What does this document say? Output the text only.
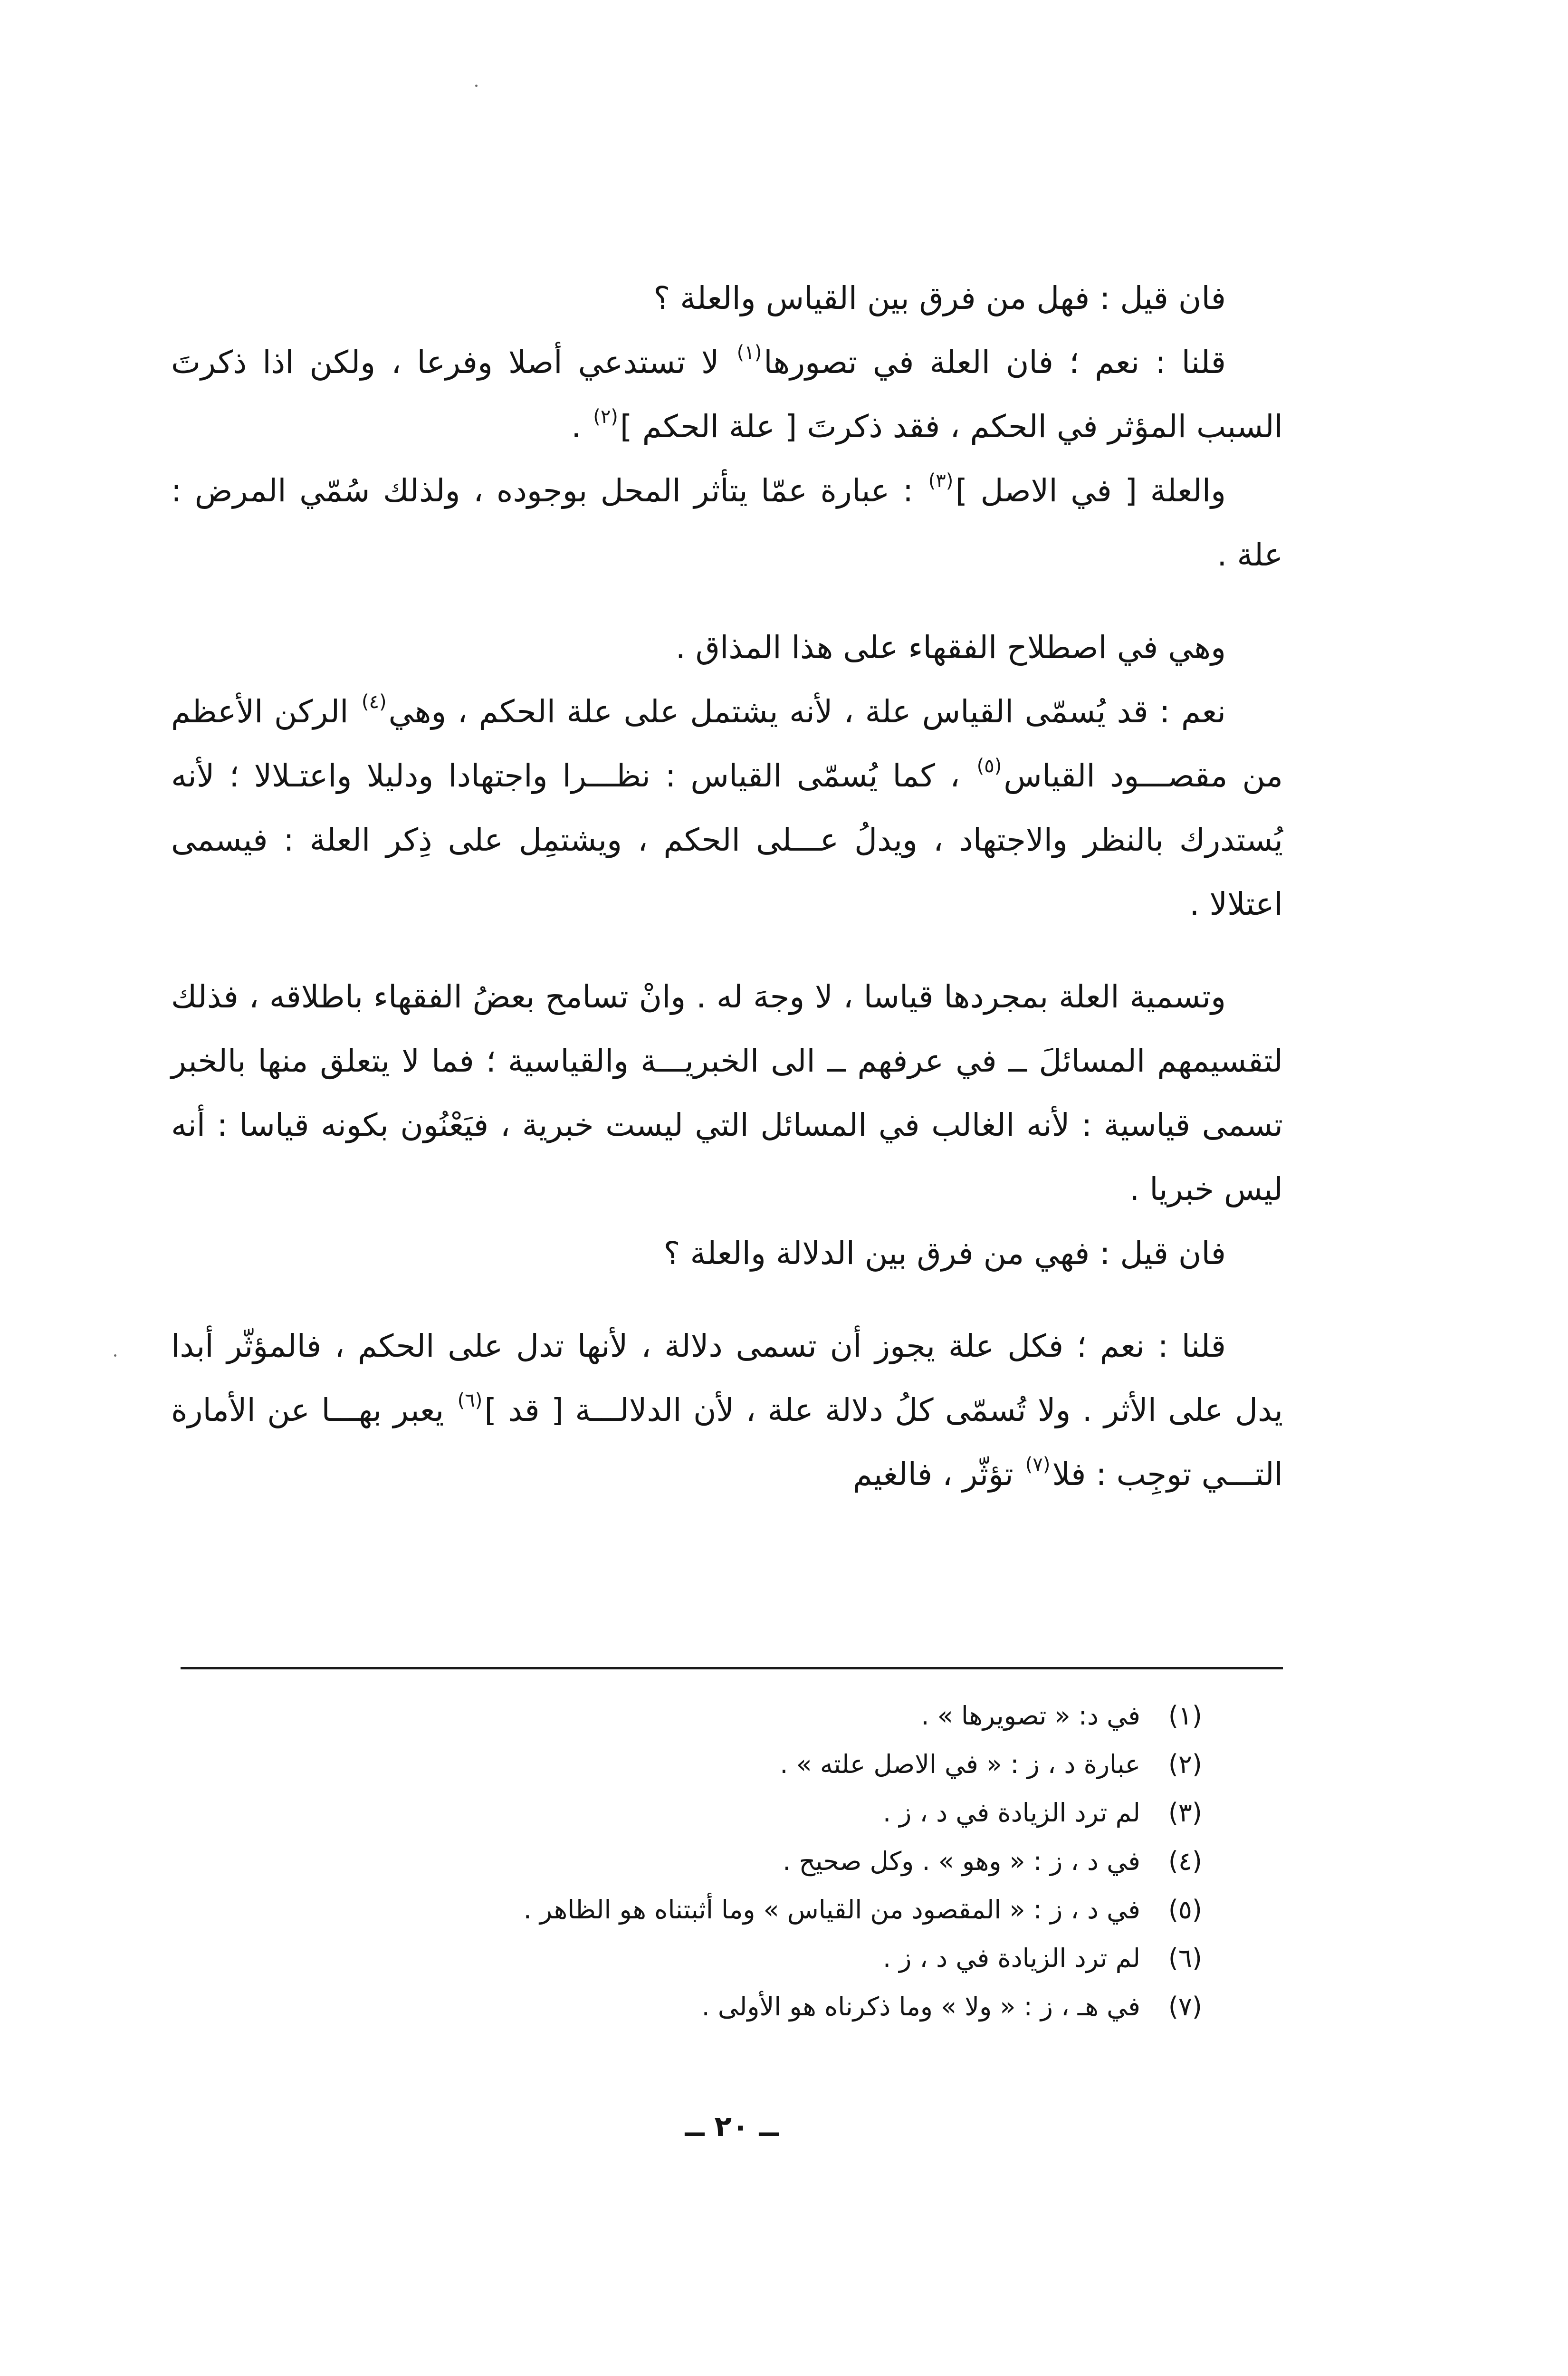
فان قيل : فهل من فرق بين القياس والعلة ؟

قلنا : نعم ؛ فان العلة في تصورها$^{(١)}$ لا تستدعي أصلا وفرعا ، ولكن اذا ذكرتَ السبب المؤثر في الحكم ، فقد ذكرتَ [ علة الحكم ]$^{(٢)}$ .

والعلة [ في الاصل ]$^{(٣)}$ : عبارة عمّا يتأثر المحل بوجوده ، ولذلك سُمّي المرض : علة .

وهي في اصطلاح الفقهاء على هذا المذاق .

نعم : قد يُسمّى القياس علة ، لأنه يشتمل على علة الحكم ، وهي$^{(٤)}$ الركن الأعظم من مقصـــود القياس$^{(٥)}$ ، كما يُسمّى القياس : نظـــرا واجتهادا ودليلا واعتـلالا ؛ لأنه يُستدرك بالنظر والاجتهاد ، ويدلُ عـــلى الحكم ، ويشتمِل على ذِكر العلة : فيسمى اعتلالا .

وتسمية العلة بمجردها قياسا ، لا وجهَ له . وانْ تسامح بعضُ الفقهاء باطلاقه ، فذلك لتقسيمهم المسائلَ ــ في عرفهم ــ الى الخبريـــة والقياسية ؛ فما لا يتعلق منها بالخبر تسمى قياسية : لأنه الغالب في المسائل التي ليست خبرية ، فيَعْنُون بكونه قياسا : أنه ليس خبريا .

فان قيل : فهي من فرق بين الدلالة والعلة ؟

قلنا : نعم ؛ فكل علة يجوز أن تسمى دلالة ، لأنها تدل على الحكم ، فالمؤثّر أبدا يدل على الأثر . ولا تُسمّى كلُ دلالة علة ، لأن الدلالـــة [ قد ]$^{(٦)}$ يعبر بهـــا عن الأمارة التـــي توجِب : فلا$^{(٧)}$ تؤثّر ، فالغيم

(١)في د: « تصويرها » .
(٢)عبارة د ، ز : « في الاصل علته » .
(٣)لم ترد الزيادة في د ، ز .
(٤)في د ، ز : « وهو » . وكل صحيح .
(٥)في د ، ز : « المقصود من القياس » وما أثبتناه هو الظاهر .
(٦)لم ترد الزيادة في د ، ز .
(٧)في هـ ، ز : « ولا » وما ذكرناه هو الأولى .
ــ ٢٠ ــ
